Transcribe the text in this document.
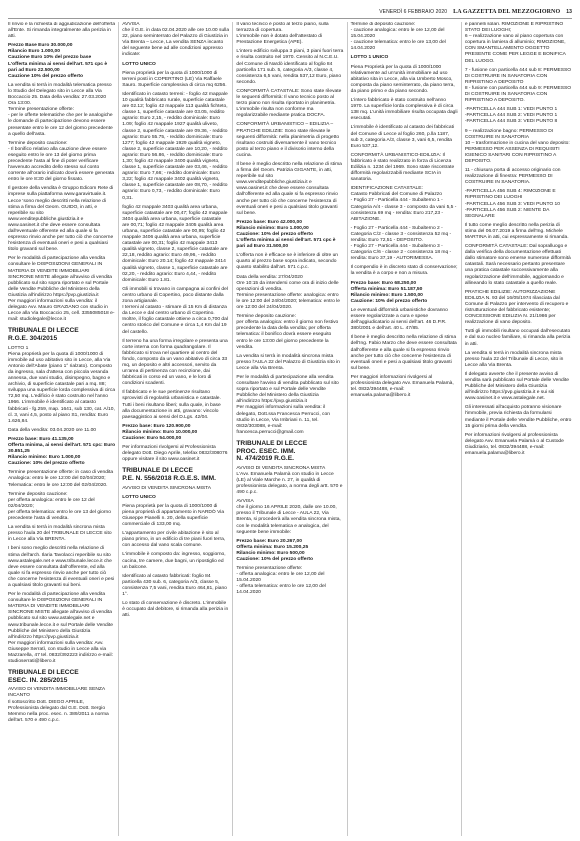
VENERDÌ 6 FEBBRAIO 2020 LA GAZZETTA DEL MEZZOGIORNO 13

Il rinvio e la richiesta di aggiudicazione dell'offerta all'Ente. Si rimanda integralmente alla perizia in atti.

Prezzo Base Euro 30.000,00
Rilancio Euro 1.000,00
Cauzione Euro 10% del prezzo base
L'offerta minima ai sensi dell'art. 571 cpc è pari ad Euro 22.500,00
Cauzione 10% del prezzo offerto

La vendita si terrà in modalità telematica presso lo Studio del Delegato sito in Lecce alla Via Boccaccio 25. Data della vendita: 27.03.2020 Ora 13:00.
Termine presentazione offerte:
- per le offerte telematiche che per le analogiche le domande di partecipazione devono essere presentate entro le ore 12 del giorno precedente a quello dell'asta.

Termine deposito cauzione:
- Il bonifico relativo alla cauzione deve essere eseguito entro le ore 13 del giorno prima precedente l'asta al fine di poter verificare l'avvenuto accredito dello stesso sul conto corrente all'orario indicato dovrà essere generata entro le ore 8:30 del giorno fissato.

Il gestore della vendita è Gruppo Edicom Rete di imprese sulla piattaforma www.garavirtuale.it. Lecce 'sono meglio descritti nella relazione di stima a firma del Geom. GUIDO, in atti, e reperibile su sito www.venditepubbliche.giustizia.it e www.oasinet.it che deve essere consultata dall'eventuale offerente ed alla quale si fa espresso rinvio anche per tutto ciò che concerne l'esistenza di eventuali oneri e pesi a qualsiasi titolo gravanti sul bene.

Per le modalità di partecipazione alla vendita consultare le DISPOSIZIONI GENERALI IN MATERIA DI VENDITE IMMOBILIARI SINCRONE MISTE allegate all'avviso di vendita pubblicato sul sito sopra riportato e sul Portale delle Vendite Pubbliche del Ministero della Giustizia all'indirizzo https://pvp.giustizia.it
Per maggiori informazioni sulla vendita: il delegato Avv. Mauro GRAZIANO con studio in Lecce alla Via Boccaccio 25, cell. 3355085018 e-mail: studiolegale@lecce.it

TRIBUNALE DI LECCE
R.G.E. 304/2015

LOTTO 1
Piena proprietà per la quota di 1000/1000 di immobile ad uso abitativo sito in Lecce, alla Via Antonio dell'Abate (piano 1° rialzato). Composto da ingresso, sala d'attesa con piccola veranda annessa, due vani studio, disimpegno, bagno e archivio, di superficie catastale pari a mq. 88; sviluppa una superficie lorda complessiva di circa 72,50 mq. L'edificio è stato costruito nel l'anno 1966. L'immobile è identificato al catasto fabbricati - fg.259, map. 1641, sub 130, cat. A/10, cl. 3, vani 4,5, posto al piano S1, rendita: Euro 1.626,84.

Data della vendita: 03.04.2020 ore 11.00

Prezzo base: Euro 41.135,00
Offerta minima, ai sensi dell'art. 571 cpc: Euro 30.851,25
Rilancio minimo: Euro 1.000,00
Cauzione: 10% del prezzo offerto

Termine presentazione offerte: in caso di vendita Analogica: entro le ore 12:00 del 02/04/2020;
Telematica: entro le ore 12:00 del 02/04/2020.

Termine deposito cauzione:
per offerta analogica: entro le ore 12 del 02/04/2020;
per offerta telematica: entro le ore 13 del giorno precedente l'asta di vendita.

La vendita si terrà in modalità sincrona mista presso l'aula 20 del TRIBUNALE DI LECCE sito in Lecce alla Via BRENTA.

I beni sono meglio descritti nella relazione di stima dell'arch. Ilaria Tavolacci reperibile su sito www.astalegale.net e www.tribunale.lecce.it che deve essere consultata dall'offerente, ed alla quale si fa espresso rinvio anche per tutto ciò che concerne l'esistenza di eventuali oneri e pesi a qualsiasi titolo gravanti sui beni.

Per le modalità di partecipazione alla vendita consultare le DISPOSIZIONI GENERALI IN MATERIA DI VENDITE IMMOBILIARI SINCRONE MISTE allegate all'avviso di vendita pubblicato sul sito www.astalegale.net e www.tribunale.lecce.it e sul Portale delle Vendite Pubbliche del Ministero della Giustizia all'indirizzo https://pvp.giustizia.it
Per maggiori informazioni sulla vendita: Avv. Giuseppe Serratì, con studio in Lecce alla via Mazzarella, 47 tel. 0832/392223 indirizzo e-mail: studioserrati@libero.it

TRIBUNALE DI LECCE
ESEC. IN. 285/2015

AVVISO DI VENDITA IMMOBILIARE SENZA INCANTO
Il sottoscritto Dott. DIEGO APRILE, Professionista delegato dal G.E. Dott. Sergio Memmo nella proc. esec. n. 389/2011 a norma dell'art. 570 e 490 c.p.c.

AVVISA
che il G.E. in data 02.04.2020 alle ore 10.00 sulla 22, piano seminterrato del Palazzo di Giustizia in Via Brenta – Lecce, La vendita SENZA incanto del seguente bene ad alle condizioni appresso indicate:

LOTTO UNICO

Piena proprietà per la quota di 1000/1000 di terreni posti in COPERTINO (LE) Via Raffaele Sauro. Superficie complessiva di circa mq 6256.

Identificato in catasto terreni: - foglio 42 mappale 10 qualità fabbricato rurale, superficie catastale are 02.12; foglio 42 mappale 113 qualità fichteto, classe 1, superficie catastale are 03.05, reddito agrario: Euro 2,15, - reddito dominicale: Euro 1.09; foglio 42 mappale 1927 qualità uliveto, classe 2, superficie catastale are 09.36, - reddito agrario: Euro 55.75, - reddito dominicale: Euro 1277; foglio 42 mappale 1929 qualità vigneto, classe 2, superficie catastale are 10,20, - reddito agrario: Euro 56.86, - reddito dominicale: Euro 1,30; foglio 42 mappale 3400 qualità vigneto, classe 1, superficie catastale are 03,46, - reddito agrario: Euro 7,66; - reddito dominicale: Euro 3,22; foglio 42 mappale 3402 qualità vigneto, classe 1, superficie catastale are 08,70, - reddito agrario: Euro 0,73, - reddito dominicale: Euro 0,31.

foglio 42 mappale 3403 qualità area urbana, superficie catastale are 00,47; foglio 42 mappale 3404 qualità area urbana, superficie catastale are 00,71; foglio 42 mappale 3405 qualità area urbana, superficie catastale are 00,95; foglio 42 mappale 3406 qualità area urbana, superficie catastale are 00,31; foglio 42 mappale 3413 qualità vigneto, classe 2, superficie catastale are 22,18, reddito agrario: Euro 49,96, - reddito dominicale: Euro 20.14; foglio 42 mappale 3414 qualità vigneto, classe 1, superficie catastale are 02,20, - reddito agrario: Euro 4,44, - reddito dominicale: Euro 1.81.

Gli immobili si trovano in campagna ai confini del centro urbano di Copertino, poco distante dalla zona artigianale.
I terreni al catasto - stimare di 15 Km di distanza da Lecce e dal centro urbano di Copertino. Inoltre, il foglio catastale ottiene a circa 0,700 dal centro storico del Comune e circa 1,4 Km dal 19 del castello.

Il terreno ha una forma irregolare e presenta una corte interna con forma quadrangolare. Il fabbricato si trova nel quartiere al centro del fondo, composto da un vano abitativo di circa 33 mq, un deposito e altri accessori, servito da un'area di pertinenza con recinzione, dai fabbricati in corso ed un vano, e le loro di condizioni scadenti.

Il fabbricato e le sue pertinenze risultano sprovvisti di regolarità urbanistica e catastale. Tutti i beni risultano liberi; sulla quale, in base alla documentazione in atti, gravano: vincolo paesaggistico ai sensi del D.Lgs. 42/04.

Prezzo base: Euro 120.900,00
Rilancio minimo: Euro 10.000,00
Cauzione: Euro 54.000,00

Per informazioni rivolgersi al Professionista delegato Dott. Diego Aprile, telefax 0832/308076 oppure visitare il sito www.oasinet.it

TRIBUNALE DI LECCE
P.E. N. 556/2018 R.G.E.S. IMM.

AVVISO DI VENDITA SINCRONA MISTA

LOTTO UNICO

Piena proprietà per la quota di 1000/1000 di piena proprietà di appartamento in NARDÒ Via Giuseppe Pianelli n. 20, della superficie commerciale di 133,00 mq.

L'appartamento per civile abitazione è sito al piano primo, in un edificio di tre piani fuori terra, con accesso dal vano scala comune.

L'immobile è composto da: ingresso, soggiorno, cucina, tre camere, due bagni, un ripostiglio ed un balcone.

Identificato al catasto fabbricati: foglio 84 particella 430 sub. 6, categoria A/3, classe 5, consistenza 7,5 vani, rendita Euro 464,81, piano 1°.

Lo stato di conservazione è discreto. L'immobile è occupato dal debitore, si rimanda alla perizia in atti.

Il vano tecnico è posto al terzo piano, sulla terrazza di copertura.
L'immobile non è dotato dell'attestato di Prestazione Energetica (APE).

L'intero edificio sviluppa 3 piani, 3 piani fuori terra e risulta costruito nel 1970. Censito al N.C.E.U. del Comune di Nardò identificato al foglio 84 particella 171 sub. 5, categoria A/3, classe 4, consistenza 6,5 vani, rendita 537,12 Euro, piano secondo.

CONFORMITÀ CATASTALE: Sono state rilevate le seguenti difformità: Il vano tecnico posto al terzo piano non risulta riportato in planimetria. L'immobile risulta non conforme ma regolarizzabile mediante pratica DOCFA.

CONFORMITÀ URBANISTICO – EDILIZIA – PRATICHE EDILIZIE: Sono state rilevate le seguenti difformità: nella planimetria di progetto risultano costruiti diversamente il vano tecnico posto al terzo piano e il divisorio interno della cucina.

Il bene è meglio descritto nella relazione di stima a firma del Geom. Patrizia GIGANTE, in atti, reperibile sul sito www.venditepubbliche.giustizia.it e www.oasinet.it che deve essere consultata dall'offerente ed alla quale si fa espresso rinvio anche per tutto ciò che concerne l'esistenza di eventuali oneri e pesi a qualsiasi titolo gravanti sul bene.

Prezzo base: Euro 42.000,00
Rilancio minimo: Euro 1.000,00
Cauzione: 10% del prezzo offerto
L'offerta minima ai sensi dell'art. 571 cpc è pari ad Euro 31.500,00

L'offerta non è efficace se è inferiore di oltre un quarto al prezzo base sopra indicato, secondo quanto stabilito dall'art. 571 c.p.c.

Data della vendita: 27/04/2020
Ore 10:15 da intendersi come ora di inizio delle operazioni di vendita.
Termine presentazione offerte: analogica: entro le ore 12:00 del 24/04/2020; telematica: entro le ore 12:00 del 24/04/2020.

Termine deposito cauzione:
per offerta analogica: entro il giorno non festivo precedente la data della vendita; per offerta telematica: il bonifico dovrà essere eseguito entro le ore 13:00 del giorno precedente la vendita.

La vendita si terrà in modalità sincrona mista presso l'AULA 22 del Palazzo di Giustizia sito in Lecce alla Via Brenta.

Per le modalità di partecipazione alla vendita consultare l'avviso di vendita pubblicato sul sito sopra riportato e sul Portale delle Vendite Pubbliche del Ministero della Giustizia all'indirizzo https://pvp.giustizia.it
Per maggiori informazioni sulla vendita: il delegato, Dott.ssa Francesca Perrucci, con studio in Lecce, Via Imbriani n. 11, tel. 0832/303088, e-mail: francesca.perrucci@gmail.com

TRIBUNALE DI LECCE
PROC. ESEC. IMM.
N. 474/2019 R.G.E.

AVVISO DI VENDITA SINCRONA MISTA
L'Avv. Emanuela Palamà con studio in Lecce (LE) al Viale Marche n. 27, in qualità di professionista delegato, a norma degli artt. 570 e 490 c.p.c.

AVVISA
che il giorno 16 APRILE 2020, dalle ore 10.00, presso il Tribunale di Lecce - AULA 22, Via Brenta, si procederà alla vendita sincrona mista, con le modalità telematica e analogica, del seguente bene immobile:

Prezzo base: Euro 20.267,00
Offerta minima: Euro 15.200,25
Rilancio minimo: Euro 500,00
Cauzione: 10% del prezzo offerto

Termine presentazione offerte:
- offerta analogica: entro le ore 12,00 del 15.04.2020
- offerta telematica: entro le ore 12,00 del 14.04.2020

Termine di deposito cauzione:
- cauzione analogica: entro le ore 12,00 del 15.04.2020
- cauzione telematica: entro le ore 13,00 del 14.04.2020

LOTTO 1 UNICO

Piena Proprietà per la quota di 1000/1000 relativamente ad un'unità immobiliare ad uso abitativo sita in Lecce, alla via Umberto Mosco, composta da piano seminterrato, da piano terra, da piano primo e da piano secondo.

L'intero fabbricato è stato costruito nell'anno 1970. La superficie lorda complessiva è di circa 138 mq. L'unità immobiliare risulta occupata dagli esecutati.

L'immobile è identificato al catasto dei fabbricati del Comune di Lecce al foglio 260, p.lla 1187, sub 3, categoria A/3, classe 3, vani 6,5, rendita Euro 537,12.

CONFORMITÀ URBANISTICO-EDILIZIA: Il fabbricato è stato realizzato in forza di Licenza Edilizia n. 1234 del 1969. Sono state riscontrate difformità regolarizzabili mediante SCIA in sanatoria.

IDENTIFICAZIONE CATASTALE:
Catasto Fabbricati del Comune di Palazzo
- Foglio 27 - Particella 444 - Subalterno 1 - Categoria A/4 - classe 3 - composto da vani 5,5 - consistenza 69 mq - rendita: Euro 217,23 - ABITAZIONE.

- Foglio 27 - Particella 444 - Subalterno 2 - Categoria C/2 - classe 3 - consistenza 52 mq - rendita: Euro 72,51 - DEPOSITO.
- Foglio 27 - Particella 444 - Subalterno 3 - Categoria C/6 - classe 2 - consistenza 18 mq - rendita: Euro 37,19 - AUTORIMESSA.

Il compendio è in discreto stato di conservazione; la vendita è a corpo e non a misura.

Prezzo base: Euro 68.250,00
Offerta minima: Euro 51.187,50
Rilancio minimo: Euro 1.500,00
Cauzione: 10% del prezzo offerto

Le eventuali difformità urbanistiche dovranno essere regolarizzate a cura e spese dell'aggiudicatario ai sensi dell'art. 46 D.P.R. 380/2001 e dell'art. 40 L. 47/85.

Il bene è meglio descritto nella relazione di stima dell'Ing. Fabio Marzo che deve essere consultata dall'offerente e alla quale si fa espresso rinvio anche per tutto ciò che concerne l'esistenza di eventuali oneri e pesi a qualsiasi titolo gravanti sul bene.

Per maggiori informazioni rivolgersi al professionista delegato Avv. Emanuela Palamà, tel. 0832/394488, e-mail: emanuela.palama@libero.it

e pannelli solari. RIMOZIONE E RIPRISTINO STATO DEI LUOGHI;
6 – realizzazione vano al piano copertura con copertura in lamiera di alluminio; RIMOZIONE, CON SMANTELLAMENTO OGGETTO PRESENTE COME PER LEGGE E BONIFICA DEL LUOGO.

7 - fusione con particella 444 sub 8: PERMESSO DI COSTRUIRE IN SANATORIA CON RIPRISTINO A DEPOSITO
8 - fusione con particella 444 sub 9: PERMESSO DI COSTRUIRE IN SANATORIA CON RIPRISTINO A DEPOSITO.

-PARTICELLA 444 SUB 1: VEDI PUNTO 1
-PARTICELLA 444 SUB 2: VEDI PUNTO 1
-PARTICELLA 444 SUB 3: VEDI PUNTO 8

9 – realizzazione bagno: PERMESSO DI COSTRUIRE IN SANATORIA
10 – trasformazione in cucina del vano deposito: PERMESSO PER ASSENZA DI REQUISITI IGIENICO SANITARI CON RIPRISTINO A DEPOSITO.

11 - chiusura porta di accesso originario con realizzazione di finestra: PERMESSO DI COSTRUIRE IN SANATORIA.

-PARTICELLA 456 SUB 4: RIMOZIONE E RIPRISTINO DEI LUOGHI
-PARTICELLA 456 SUB 3: VEDI PUNTO 10
-PARTICELLA 456 SUB 2: NIENTE DA SEGNALARE

Il tutto come meglio descritto nella perizia di stima del 06.07.2019 a firma dell'Ing. Michele MARTINA in atti, cui espressamente si rimanda.

CONFORMITÀ CATASTALE: Dal sopralluogo e dalla verifica della documentazione effettuati dallo stimatore sono emerse numerose difformità catastali. Sarà necessario pertanto presentare una pratica catastale successivamente alla regolarizzazione dell'immobile, aggiornando e allineando lo stato catastale a quello reale.

PRATICHE EDILIZIE: AUTORIZZAZIONE EDILIZIA N. 93 del 16/05/1974 rilasciata dal Comune di Palazzo per intervento di recupero e ristrutturazione del fabbricato esistente; CONCESSIONE EDILIZIA N. 21/1986 per realizzazione di vano deposito.

Tutti gli immobili risultano occupati dall'esecutato e dal suo nucleo familiare, si rimanda alla perizia in atti.

La vendita si terrà in modalità sincrona mista presso l'aula 22 del Tribunale di Lecce, sito in Lecce alla Via Brenta.

Il delegato avverte che il presente avviso di vendita sarà pubblicato sul Portale delle Vendite Pubbliche del Ministero della Giustizia all'indirizzo https://pvp.giustizia.it e sui siti www.oasinet.it e www.astalegale.net.

Gli interessati all'acquisto potranno visionare l'immobile, previa richiesta da formularsi mediante il Portale delle Vendite Pubbliche, entro 15 giorni prima della vendita.

Per informazioni rivolgersi al professionista delegato Avv. Emanuela Palamà o al Custode Giudiziario, tel. 0832/394488, e-mail: emanuela.palama@libero.it
